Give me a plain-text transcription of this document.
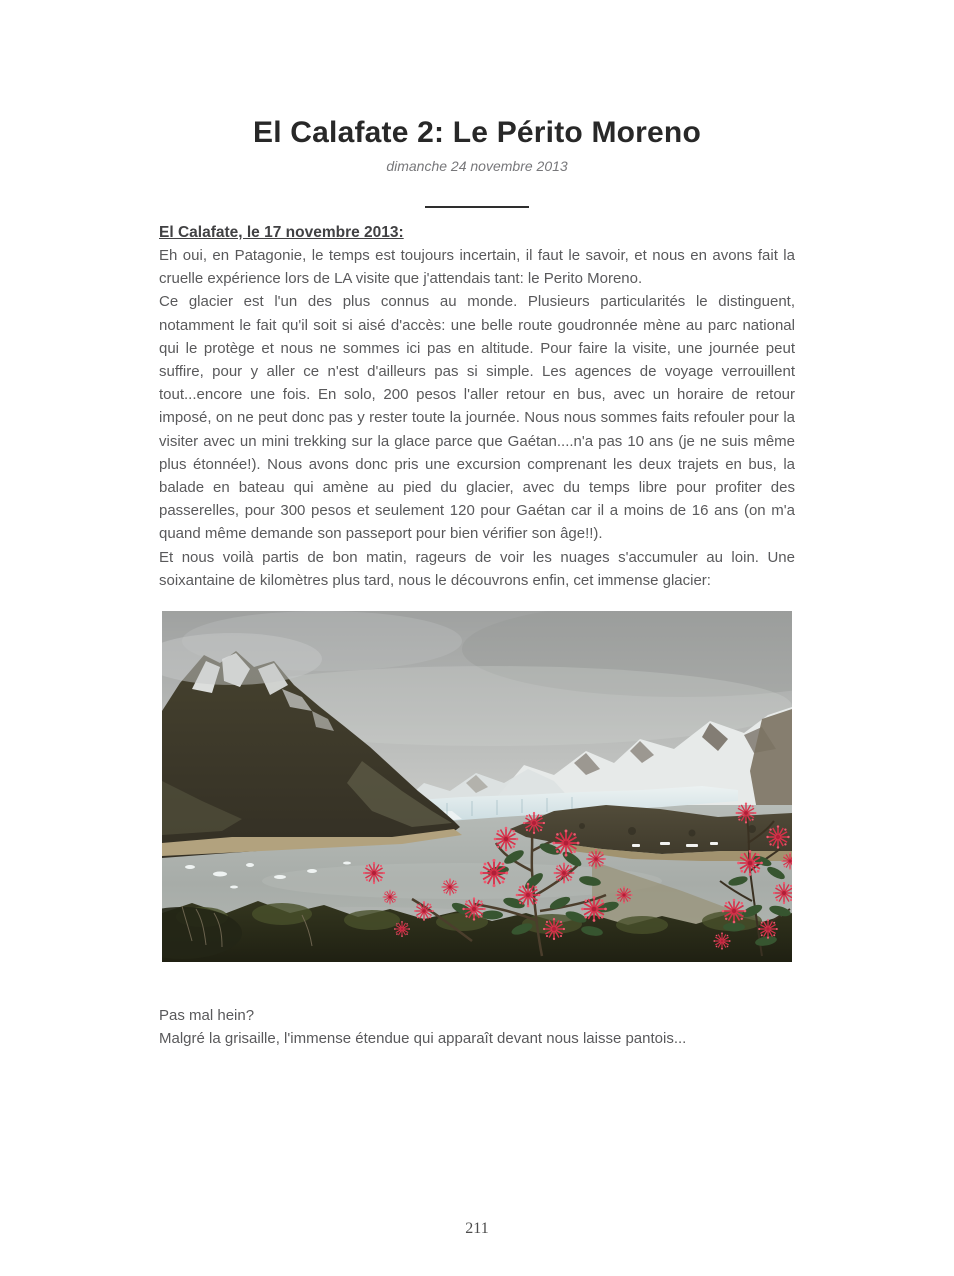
El Calafate 2: Le Périto Moreno
dimanche 24 novembre 2013

El Calafate, le 17 novembre 2013:

Eh oui, en Patagonie, le temps est toujours incertain, il faut le savoir, et nous en avons fait la cruelle expérience lors de LA visite que j'attendais tant: le Perito Moreno.

Ce glacier est l'un des plus connus au monde. Plusieurs particularités le distinguent, notamment le fait qu'il soit si aisé d'accès: une belle route goudronnée mène au parc national qui le protège et nous ne sommes ici pas en altitude. Pour faire la visite, une journée peut suffire, pour y aller ce n'est d'ailleurs pas si simple. Les agences de voyage verrouillent tout...encore une fois. En solo, 200 pesos l'aller retour en bus, avec un horaire de retour imposé, on ne peut donc pas y rester toute la journée. Nous nous sommes faits refouler pour la visiter avec un mini trekking sur la glace parce que Gaétan....n'a pas 10 ans (je ne suis même plus étonnée!). Nous avons donc pris une excursion comprenant les deux trajets en bus, la balade en bateau qui amène au pied du glacier, avec du temps libre pour profiter des passerelles, pour 300 pesos et seulement 120 pour Gaétan car il a moins de 16 ans (on m'a quand même demande son passeport pour bien vérifier son âge!!).

Et nous voilà partis de bon matin, rageurs de voir les nuages s'accumuler au loin. Une soixantaine de kilomètres plus tard, nous le découvrons enfin, cet immense glacier:

Pas mal hein?

Malgré la grisaille, l'immense étendue qui apparaît devant nous laisse pantois...

211
